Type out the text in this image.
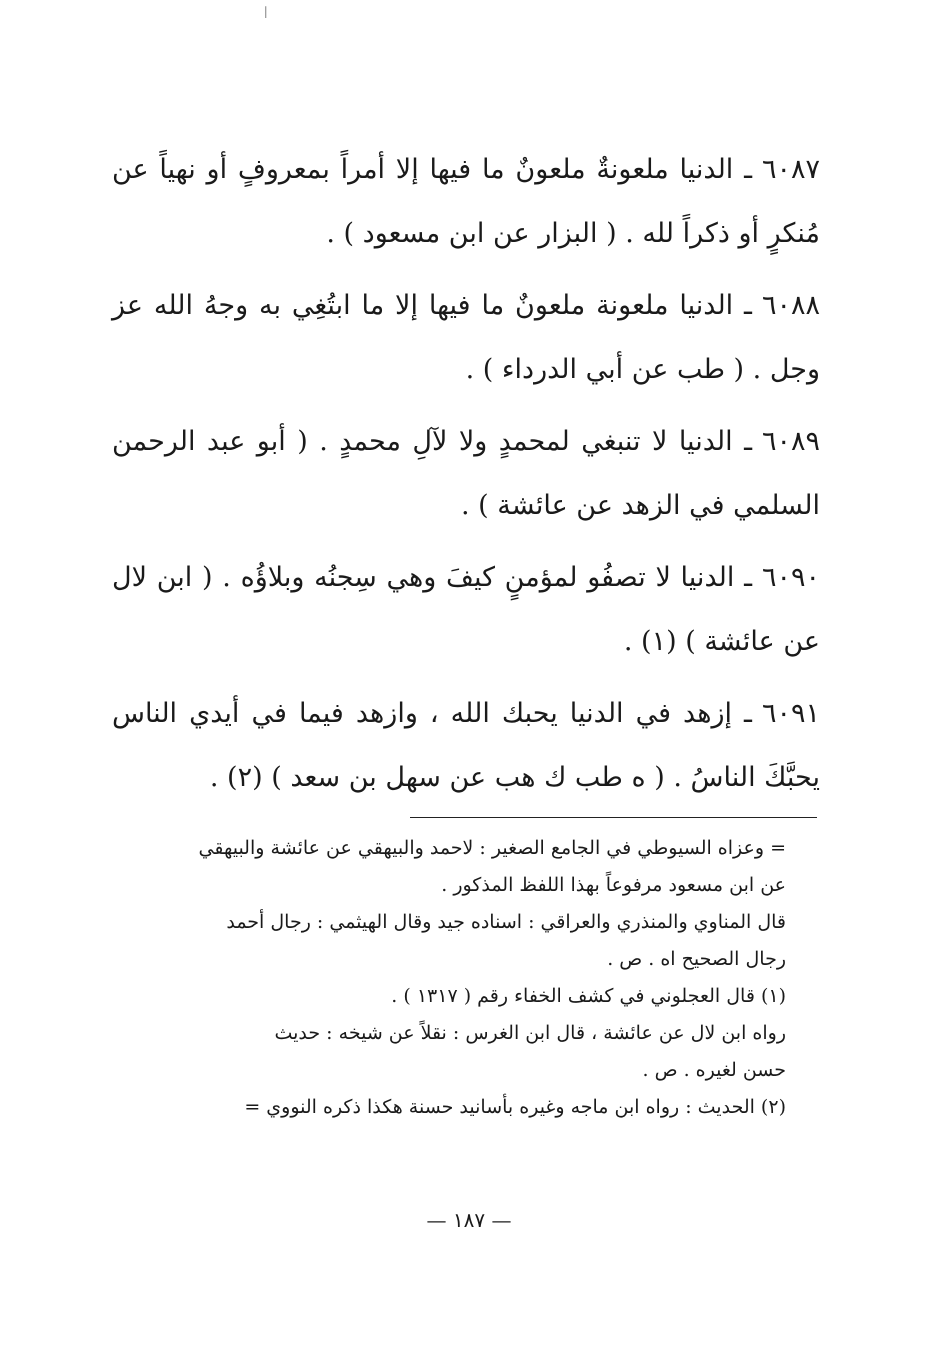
׀

٦٠٨٧ـ الدنيا ملعونةٌ ملعونٌ ما فيها إلا أمراً بمعروفٍ أو نهياً عن مُنكرٍ أو ذكراً لله . ( البزار عن ابن مسعود ) .

٦٠٨٨ـ الدنيا ملعونة ملعونٌ ما فيها إلا ما ابتُغِي به وجهُ الله عز وجل . ( طب عن أبي الدرداء ) .

٦٠٨٩ـ الدنيا لا تنبغي لمحمدٍ ولا لآلِ محمدٍ . ( أبو عبد الرحمن السلمي في الزهد عن عائشة ) .

٦٠٩٠ـ الدنيا لا تصفُو لمؤمنٍ كيفَ وهي سِجنُه وبلاؤُه . ( ابن لال عن عائشة ) (١) .

٦٠٩١ـ إزهد في الدنيا يحبك الله ، وازهد فيما في أيدي الناس يحبَّكَ الناسُ . ( ه طب ك هب عن سهل بن سعد ) (٢) .

= وعزاه السيوطي في الجامع الصغير : لاحمد والبيهقي عن عائشة والبيهقي

عن ابن مسعود مرفوعاً بهذا اللفظ المذكور .

قال المناوي والمنذري والعراقي : اسناده جيد وقال الهيثمي : رجال أحمد

رجال الصحيح اه . ص .

(١) قال العجلوني في كشف الخفاء رقم ( ١٣١٧ ) .

رواه ابن لال عن عائشة ، قال ابن الغرس : نقلاً عن شيخه : حديث

حسن لغيره . ص .

(٢) الحديث : رواه ابن ماجه وغيره بأسانيد حسنة هكذا ذكره النووي =

— ١٨٧ —
